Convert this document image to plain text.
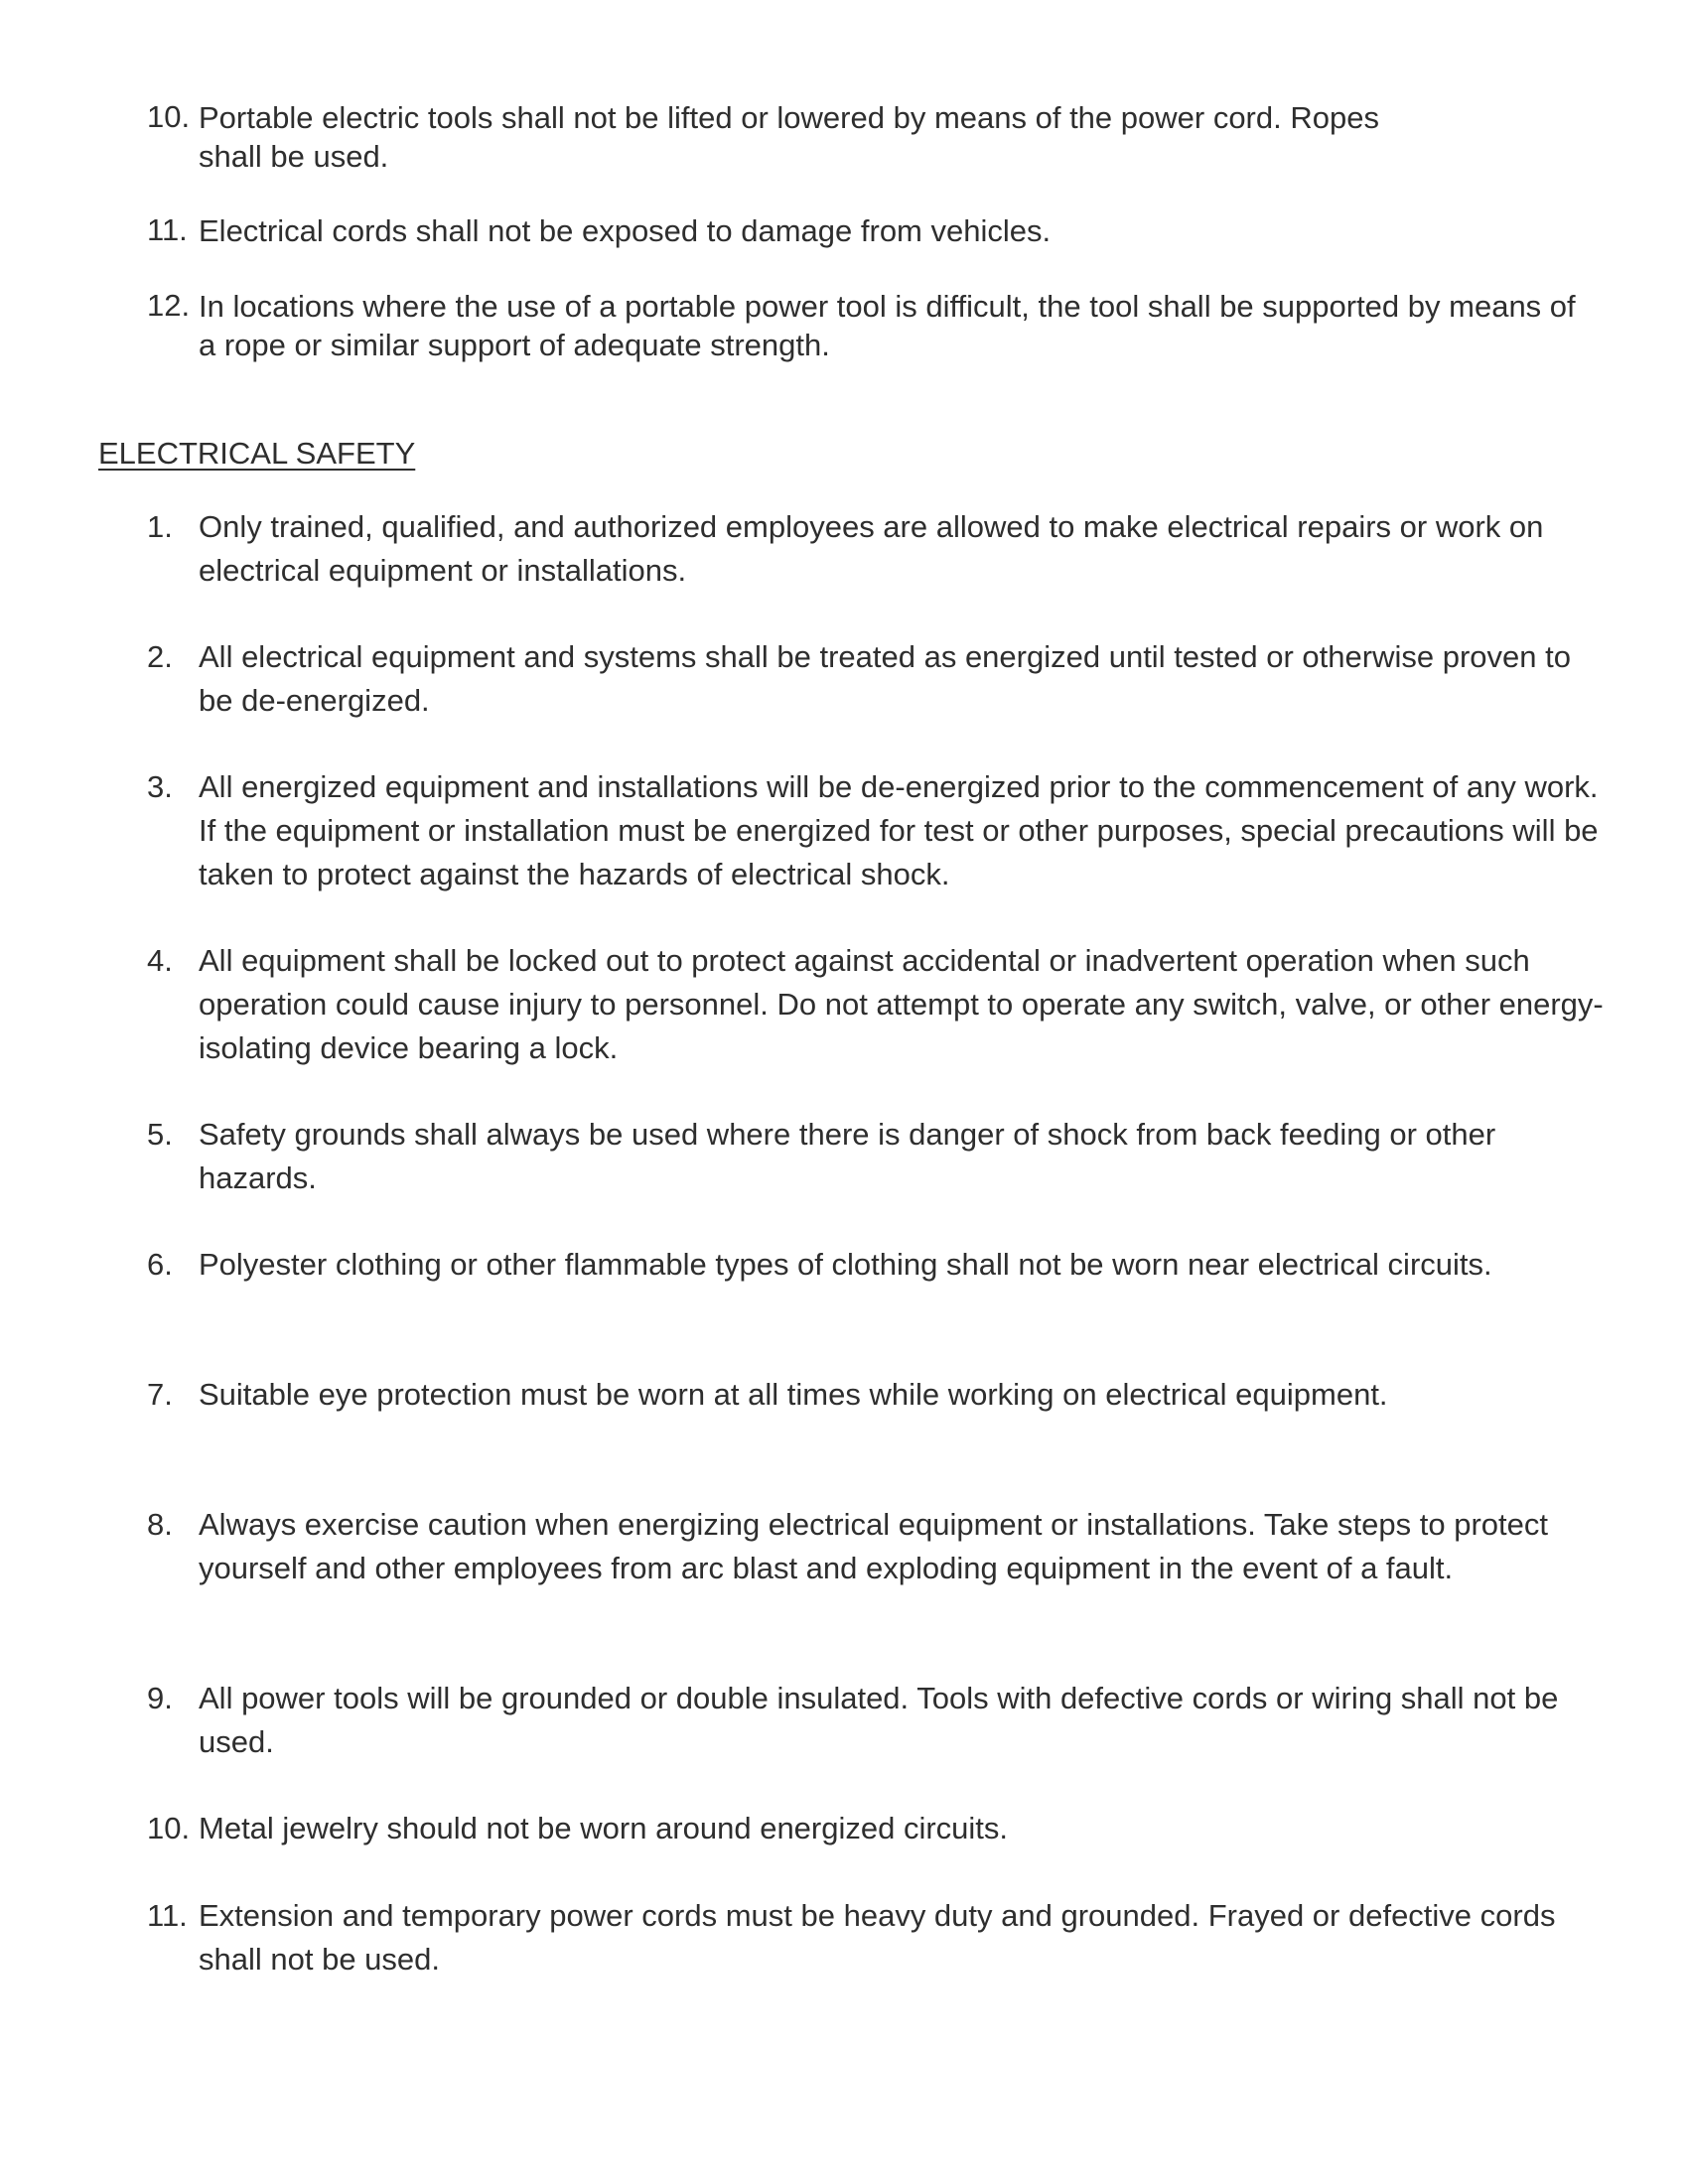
10. Portable electric tools shall not be lifted or lowered by means of the power cord. Ropes shall be used.
11. Electrical cords shall not be exposed to damage from vehicles.
12. In locations where the use of a portable power tool is difficult, the tool shall be supported by means of a rope or similar support of adequate strength.
ELECTRICAL SAFETY
1. Only trained, qualified, and authorized employees are allowed to make electrical repairs or work on electrical equipment or installations.
2. All electrical equipment and systems shall be treated as energized until tested or otherwise proven to be de-energized.
3. All energized equipment and installations will be de-energized prior to the commencement of any work. If the equipment or installation must be energized for test or other purposes, special precautions will be taken to protect against the hazards of electrical shock.
4. All equipment shall be locked out to protect against accidental or inadvertent operation when such operation could cause injury to personnel. Do not attempt to operate any switch, valve, or other energy-isolating device bearing a lock.
5. Safety grounds shall always be used where there is danger of shock from back feeding or other hazards.
6. Polyester clothing or other flammable types of clothing shall not be worn near electrical circuits.
7. Suitable eye protection must be worn at all times while working on electrical equipment.
8. Always exercise caution when energizing electrical equipment or installations. Take steps to protect yourself and other employees from arc blast and exploding equipment in the event of a fault.
9. All power tools will be grounded or double insulated. Tools with defective cords or wiring shall not be used.
10. Metal jewelry should not be worn around energized circuits.
11. Extension and temporary power cords must be heavy duty and grounded. Frayed or defective cords shall not be used.
